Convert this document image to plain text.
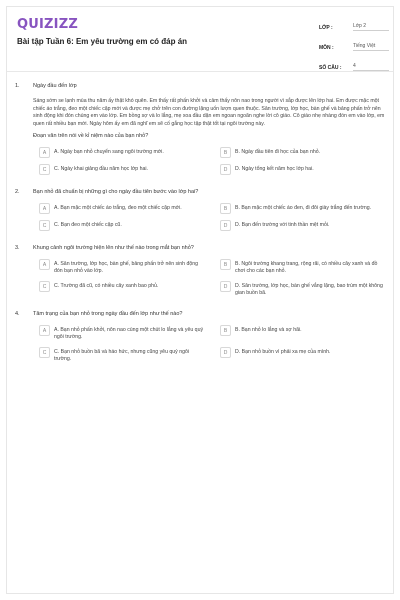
QUIZIZZ
Bài tập Tuần 6: Em yêu trường em có đáp án
LỚP :	Lớp 2
MÔN :	Tiếng Việt
SỐ CÂU :	4
1.	Ngày đầu đến lớp
Sáng sớm se lạnh mùa thu năm ấy thật khó quên. Em thấy rất phấn khởi và cảm thấy nôn nao trong người vì sắp được lên lớp hai. Em được mặc một chiếc áo trắng, đeo một chiếc cặp mới và được mẹ chở trên con đường lặng uốn lượn quen thuộc. Sân trường, lớp học, bàn ghế và bảng phấn trở nên sinh động khi đón chúng em vào lớp. Em bồng sợ và lo lắng, mẹ xoa đầu dặn em ngoan ngoãn nghe lời cô giáo. Cô giáo nhẹ nhàng đón em vào lớp, em quen rất nhiều bạn mới. Ngày hôm ấy em đã nghĩ em sẽ cố gắng học tập thật tốt tại ngôi trường này.
Đoạn văn trên nói về kỉ niệm nào của bạn nhỏ?
A	A. Ngày bạn nhỏ chuyển sang ngôi trường mới.	B	B. Ngày đầu tiên đi học của bạn nhỏ.
C	C. Ngày khai giảng đầu năm học lớp hai.	D	D. Ngày tổng kết năm học lớp hai.
2.	Bạn nhỏ đã chuẩn bị những gì cho ngày đầu tiên bước vào lớp hai?
A	A. Bạn mặc một chiếc áo trắng, đeo một chiếc cặp mới.	B	B. Bạn mặc một chiếc áo đen, đi đôi giày trắng đến trường.
C	C. Bạn đeo một chiếc cặp cũ.	D	D. Bạn đến trường với tinh thần mệt mỏi.
3.	Khung cảnh ngôi trường hiện lên như thế nào trong mắt bạn nhỏ?
A	A. Sân trường, lớp học, bàn ghế, bảng phấn trở nên sinh động đón bạn nhỏ vào lớp.
B	B. Ngôi trường khang trang, rộng rãi, có nhiều cây xanh và đồ chơi cho các bạn nhỏ.
C	C. Trường đã cũ, có nhiều cây xanh bao phủ.	D	D. Sân trường, lớp học, bàn ghế vắng lặng, bao trùm một không gian buồn bã.
4.	Tâm trạng của bạn nhỏ trong ngày đầu đến lớp như thế nào?
A	A. Bạn nhỏ phấn khởi, nôn nao cùng một chút lo lắng và yêu quý ngôi trường.
B	B. Bạn nhỏ lo lắng và sợ hãi.
C	C. Bạn nhỏ buồn bã và háo hức, nhưng cũng yêu quý ngôi trường.
D	D. Bạn nhỏ buồn vì phải xa mẹ của mình.
